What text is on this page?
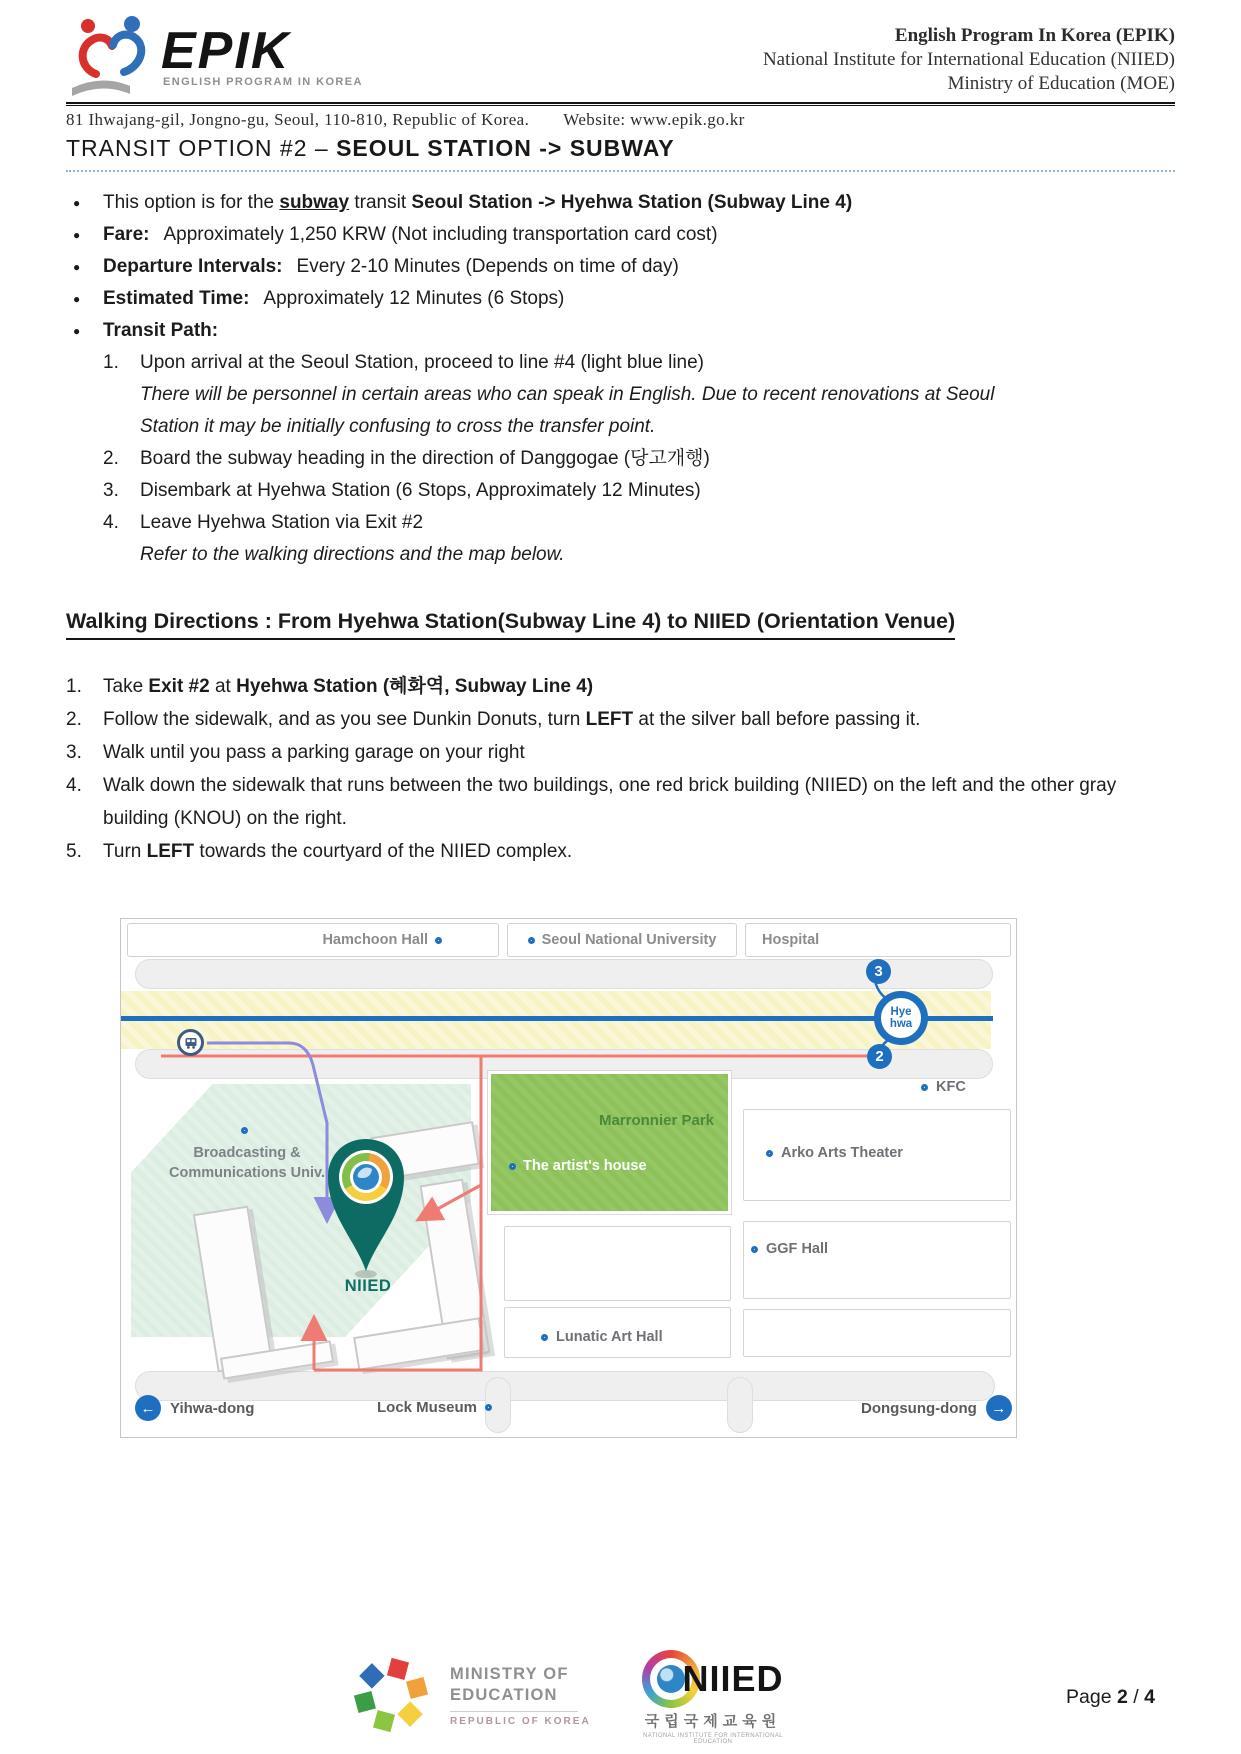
EPIK
ENGLISH PROGRAM IN KOREA
English Program In Korea (EPIK)
National Institute for International Education (NIIED)
Ministry of Education (MOE)
81 Ihwajang-gil, Jongno-gu, Seoul, 110-810, Republic of Korea. Website: www.epik.go.kr
TRANSIT OPTION #2 – SEOUL STATION -> SUBWAY
● This option is for the subway transit Seoul Station -> Hyehwa Station (Subway Line 4)
● Fare: Approximately 1,250 KRW (Not including transportation card cost)
● Departure Intervals: Every 2-10 Minutes (Depends on time of day)
● Estimated Time: Approximately 12 Minutes (6 Stops)
● Transit Path:
1.	Upon arrival at the Seoul Station, proceed to line #4 (light blue line)
There will be personnel in certain areas who can speak in English. Due to recent renovations at Seoul
Station it may be initially confusing to cross the transfer point.
2.	Board the subway heading in the direction of Danggogae (당고개행)
3.	Disembark at Hyehwa Station (6 Stops, Approximately 12 Minutes)
4.	Leave Hyehwa Station via Exit #2
Refer to the walking directions and the map below.
Walking Directions : From Hyehwa Station(Subway Line 4) to NIIED (Orientation Venue)
1.	Take Exit #2 at Hyehwa Station (혜화역, Subway Line 4)
2.	Follow the sidewalk, and as you see Dunkin Donuts, turn LEFT at the silver ball before passing it.
3.	Walk until you pass a parking garage on your right
4.	Walk down the sidewalk that runs between the two buildings, one red brick building (NIIED) on the left and the other gray building (KNOU) on the right.
5.	Turn LEFT towards the courtyard of the NIIED complex.
Hamchoon Hall	Seoul National University	Hospital
Broadcasting &
Communications Univ.
Marronnier Park
The artist's house
NIIED
Hye
hwa
3
2
KFC
Arko Arts Theater
GGF Hall
Lunatic Art Hall
← Yihwa-dong	Lock Museum	Dongsung-dong →
MINISTRY OF
EDUCATION
REPUBLIC OF KOREA
NIIED
국립국제교육원
NATIONAL INSTITUTE FOR INTERNATIONAL EDUCATION
Page 2 / 4
